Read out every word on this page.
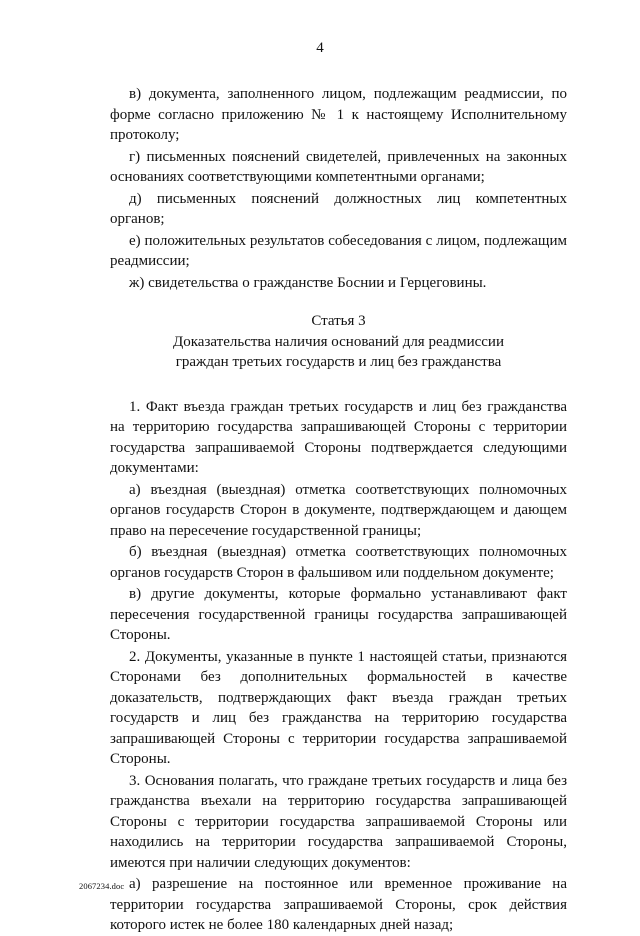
4

в) документа, заполненного лицом, подлежащим реадмиссии, по форме согласно приложению № 1 к настоящему Исполнительному протоколу;

г) письменных пояснений свидетелей, привлеченных на законных основаниях соответствующими компетентными органами;

д) письменных пояснений должностных лиц компетентных органов;

е) положительных результатов собеседования с лицом, подлежащим реадмиссии;

ж) свидетельства о гражданстве Боснии и Герцеговины.

Статья 3
Доказательства наличия оснований для реадмиссии
граждан третьих государств и лиц без гражданства

1. Факт въезда граждан третьих государств и лиц без гражданства на территорию государства запрашивающей Стороны с территории государства запрашиваемой Стороны подтверждается следующими документами:

а) въездная (выездная) отметка соответствующих полномочных органов государств Сторон в документе, подтверждающем и дающем право на пересечение государственной границы;

б) въездная (выездная) отметка соответствующих полномочных органов государств Сторон в фальшивом или поддельном документе;

в) другие документы, которые формально устанавливают факт пересечения государственной границы государства запрашивающей Стороны.

2. Документы, указанные в пункте 1 настоящей статьи, признаются Сторонами без дополнительных формальностей в качестве доказательств, подтверждающих факт въезда граждан третьих государств и лиц без гражданства на территорию государства запрашивающей Стороны с территории государства запрашиваемой Стороны.

3. Основания полагать, что граждане третьих государств и лица без гражданства въехали на территорию государства запрашивающей Стороны с территории государства запрашиваемой Стороны или находились на территории государства запрашиваемой Стороны, имеются при наличии следующих документов:

а) разрешение на постоянное или временное проживание на территории государства запрашиваемой Стороны, срок действия которого истек не более 180 календарных дней назад;

2067234.doc
